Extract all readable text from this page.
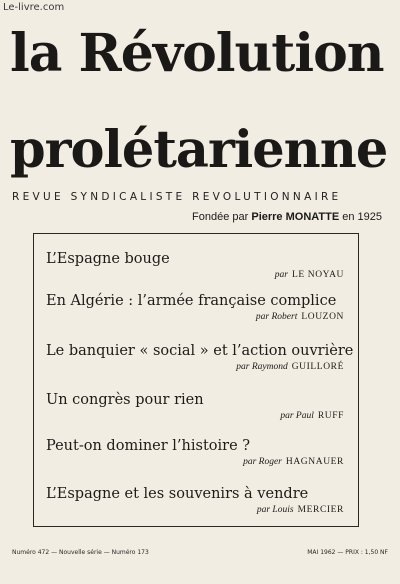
Le-livre.com
la Révolution
prolétarienne
REVUE SYNDICALISTE REVOLUTIONNAIRE
Fondée par Pierre MONATTE en 1925
L’Espagne bouge
par LE NOYAU
En Algérie : l’armée française complice
par Robert LOUZON
Le banquier « social » et l’action ouvrière
par Raymond GUILLORÉ
Un congrès pour rien
par Paul RUFF
Peut-on dominer l’histoire ?
par Roger HAGNAUER
L’Espagne et les souvenirs à vendre
par Louis MERCIER
Numéro 472 — Nouvelle série — Numéro 173	MAI 1962 — PRIX : 1,50 NF
